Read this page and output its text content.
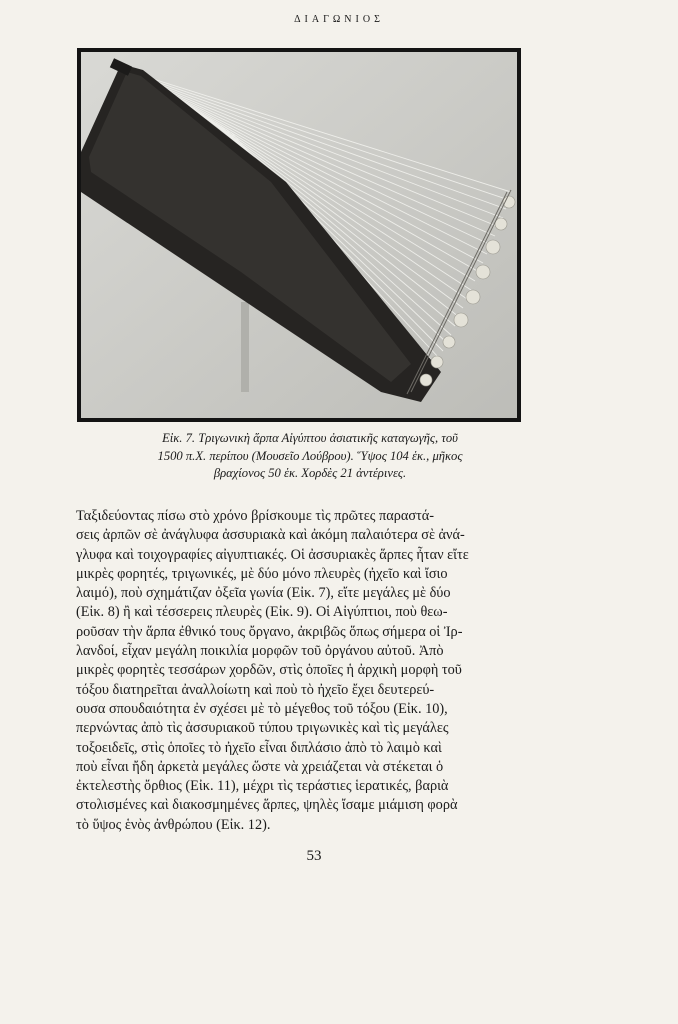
ΔΙΑΓΩΝΙΟΣ
Εἰκ. 7. Τριγωνικὴ ἅρπα Αἰγύπτου ἀσιατικῆς καταγωγῆς, τοῦ
1500 π.Χ. περίπου (Μουσεῖο Λούβρου). Ὕψος 104 ἑκ., μῆκος
βραχίονος 50 ἑκ. Χορδὲς 21 ἀντέρινες.
Ταξιδεύοντας πίσω στὸ χρόνο βρίσκουμε τὶς πρῶτες παραστά-
σεις ἀρπῶν σὲ ἀνάγλυφα ἀσσυριακὰ καὶ ἀκόμη παλαιότερα σὲ ἀνά-
γλυφα καὶ τοιχογραφίες αἰγυπτιακές. Οἱ ἀσσυριακὲς ἅρπες ἦταν εἴτε
μικρὲς φορητές, τριγωνικές, μὲ δύο μόνο πλευρὲς (ἠχεῖο καὶ ἴσιο
λαιμό), ποὺ σχημάτιζαν ὀξεῖα γωνία (Εἰκ. 7), εἴτε μεγάλες μὲ δύο
(Εἰκ. 8) ἢ καὶ τέσσερεις πλευρὲς (Εἰκ. 9). Οἱ Αἰγύπτιοι, ποὺ θεω-
ροῦσαν τὴν ἅρπα ἐθνικό τους ὄργανο, ἀκριβῶς ὅπως σήμερα οἱ Ἰρ-
λανδοί, εἶχαν μεγάλη ποικιλία μορφῶν τοῦ ὀργάνου αὐτοῦ. Ἀπὸ
μικρὲς φορητὲς τεσσάρων χορδῶν, στὶς ὁποῖες ἡ ἀρχικὴ μορφὴ τοῦ
τόξου διατηρεῖται ἀναλλοίωτη καὶ ποὺ τὸ ἠχεῖο ἔχει δευτερεύ-
ουσα σπουδαιότητα ἐν σχέσει μὲ τὸ μέγεθος τοῦ τόξου (Εἰκ. 10),
περνώντας ἀπὸ τὶς ἀσσυριακοῦ τύπου τριγωνικὲς καὶ τὶς μεγάλες
τοξοειδεῖς, στὶς ὁποῖες τὸ ἠχεῖο εἶναι διπλάσιο ἀπὸ τὸ λαιμὸ καὶ
ποὺ εἶναι ἤδη ἀρκετὰ μεγάλες ὥστε νὰ χρειάζεται νὰ στέκεται ὁ
ἐκτελεστὴς ὄρθιος (Εἰκ. 11), μέχρι τὶς τεράστιες ἱερατικές, βαριὰ
στολισμένες καὶ διακοσμημένες ἅρπες, ψηλὲς ἴσαμε μιάμιση φορὰ
τὸ ὕψος ἑνὸς ἀνθρώπου (Εἰκ. 12).
53
